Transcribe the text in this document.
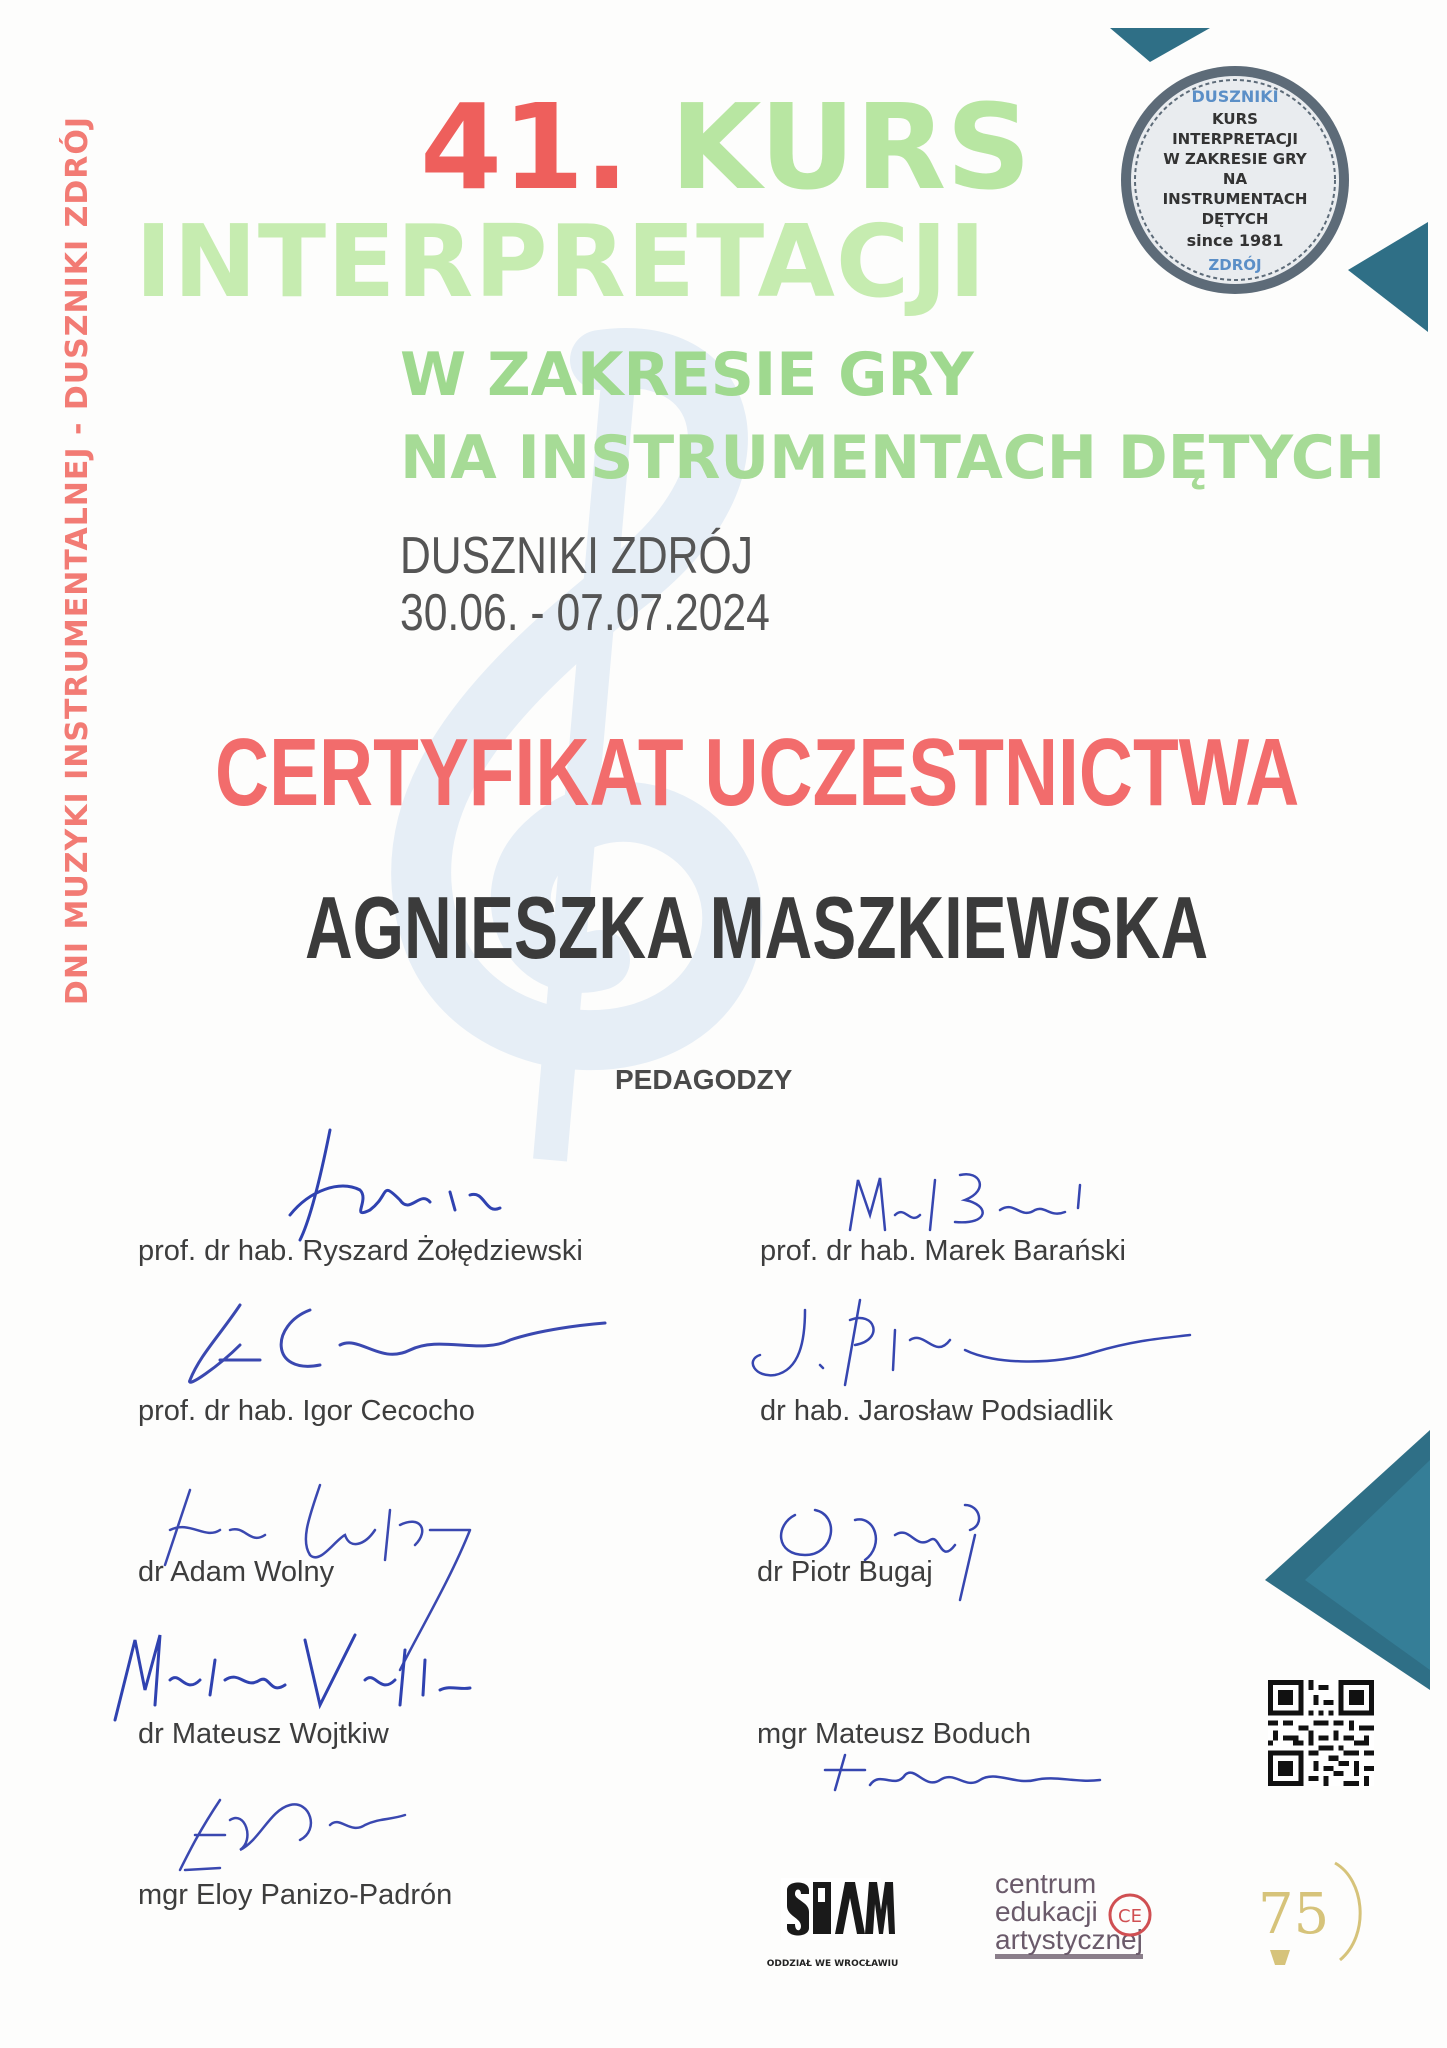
DNI MUZYKI INSTRUMENTALNEJ - DUSZNIKI ZDRÓJ	41. KURS
INTERPRETACJI
W ZAKRESIE GRY
NA INSTRUMENTACH DĘTYCH
DUSZNIKI ZDRÓJ
30.06. - 07.07.2024
DUSZNIKI
KURS
INTERPRETACJI
W ZAKRESIE GRY
NA
INSTRUMENTACH
DĘTYCH
since 1981
ZDRÓJ
CERTYFIKAT UCZESTNICTWA
AGNIESZKA MASZKIEWSKA
PEDAGODZY
prof. dr hab. Ryszard Żołędziewski	prof. dr hab. Marek Barański
prof. dr hab. Igor Cecocho	dr hab. Jarosław Podsiadlik
dr Adam Wolny	dr Piotr Bugaj
dr Mateusz Wojtkiw	mgr Mateusz Boduch
mgr Eloy Panizo-Padrón
ODDZIAŁ WE WROCŁAWIU
centrum
edukacji
artystycznej
CE 75
